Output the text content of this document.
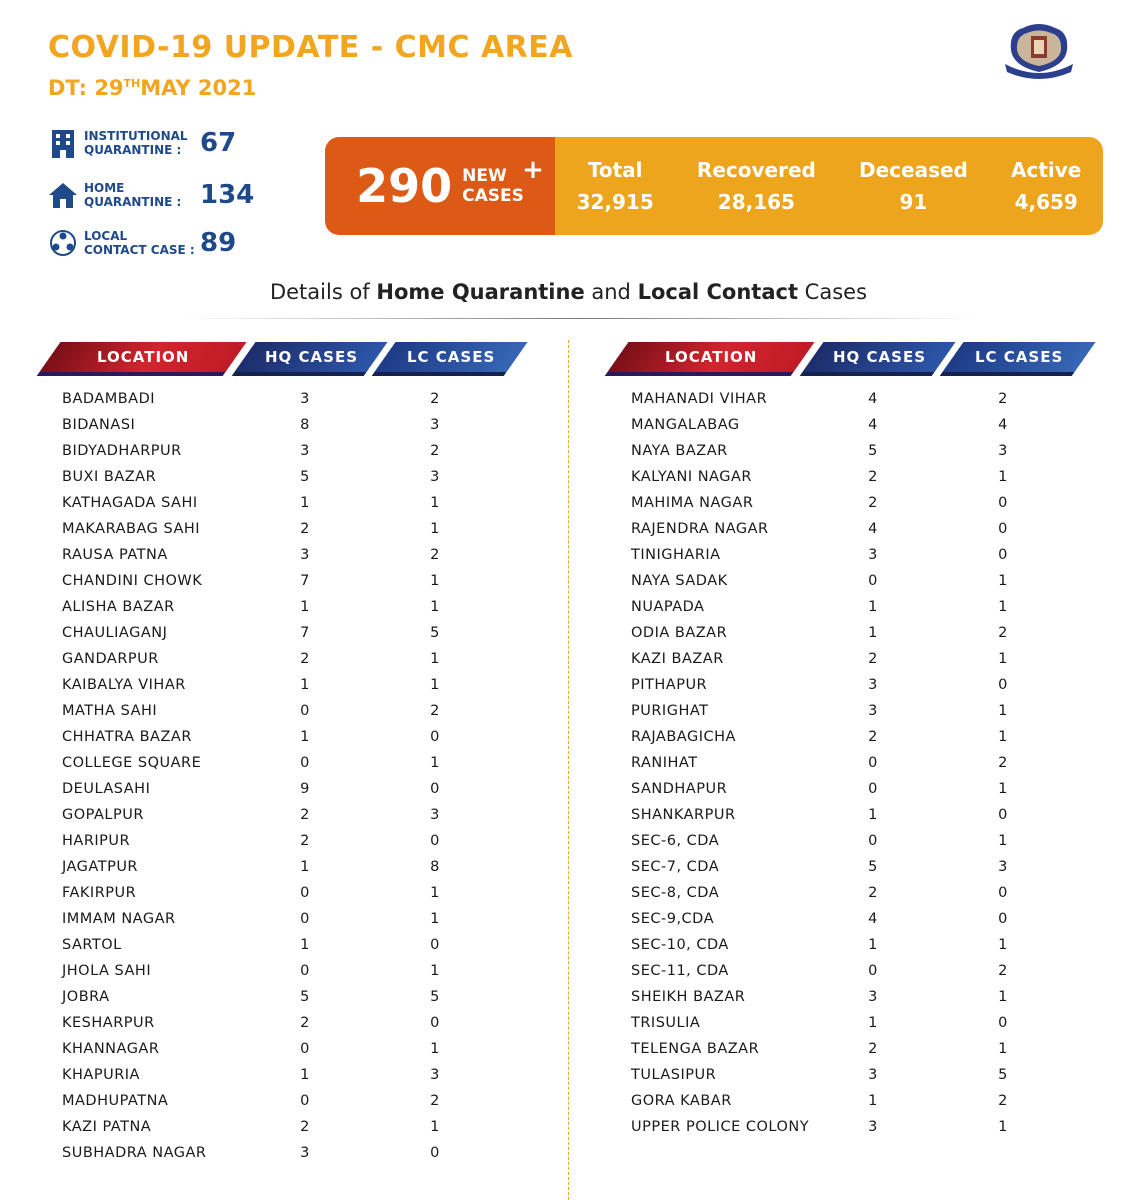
COVID-19 UPDATE - CMC AREA
DT: 29THMAY 2021
INSTITUTIONAL
QUARANTINE : 67
HOME
QUARANTINE : 134
LOCAL
CONTACT CASE : 89
290 NEW
CASES
+	Total
32,915
Recovered
28,165
Deceased
91
Active
4,659
Details of Home Quarantine and Local Contact Cases
LOCATION	HQ CASES	LC CASES	LOCATION	HQ CASES	LC CASES
BADAMBADI	3	2
BIDANASI	8	3
BIDYADHARPUR	3	2
BUXI BAZAR	5	3
KATHAGADA SAHI	1	1
MAKARABAG SAHI	2	1
RAUSA PATNA	3	2
CHANDINI CHOWK	7	1
ALISHA BAZAR	1	1
CHAULIAGANJ	7	5
GANDARPUR	2	1
KAIBALYA VIHAR	1	1
MATHA SAHI	0	2
CHHATRA BAZAR	1	0
COLLEGE SQUARE	0	1
DEULASAHI	9	0
GOPALPUR	2	3
HARIPUR	2	0
JAGATPUR	1	8
FAKIRPUR	0	1
IMMAM NAGAR	0	1
SARTOL	1	0
JHOLA SAHI	0	1
JOBRA	5	5
KESHARPUR	2	0
KHANNAGAR	0	1
KHAPURIA	1	3
MADHUPATNA	0	2
KAZI PATNA	2	1
SUBHADRA NAGAR	3	0
MAHANADI VIHAR	4	2
MANGALABAG	4	4
NAYA BAZAR	5	3
KALYANI NAGAR	2	1
MAHIMA NAGAR	2	0
RAJENDRA NAGAR	4	0
TINIGHARIA	3	0
NAYA SADAK	0	1
NUAPADA	1	1
ODIA BAZAR	1	2
KAZI BAZAR	2	1
PITHAPUR	3	0
PURIGHAT	3	1
RAJABAGICHA	2	1
RANIHAT	0	2
SANDHAPUR	0	1
SHANKARPUR	1	0
SEC-6, CDA	0	1
SEC-7, CDA	5	3
SEC-8, CDA	2	0
SEC-9,CDA	4	0
SEC-10, CDA	1	1
SEC-11, CDA	0	2
SHEIKH BAZAR	3	1
TRISULIA	1	0
TELENGA BAZAR	2	1
TULASIPUR	3	5
GORA KABAR	1	2
UPPER POLICE COLONY	3	1
